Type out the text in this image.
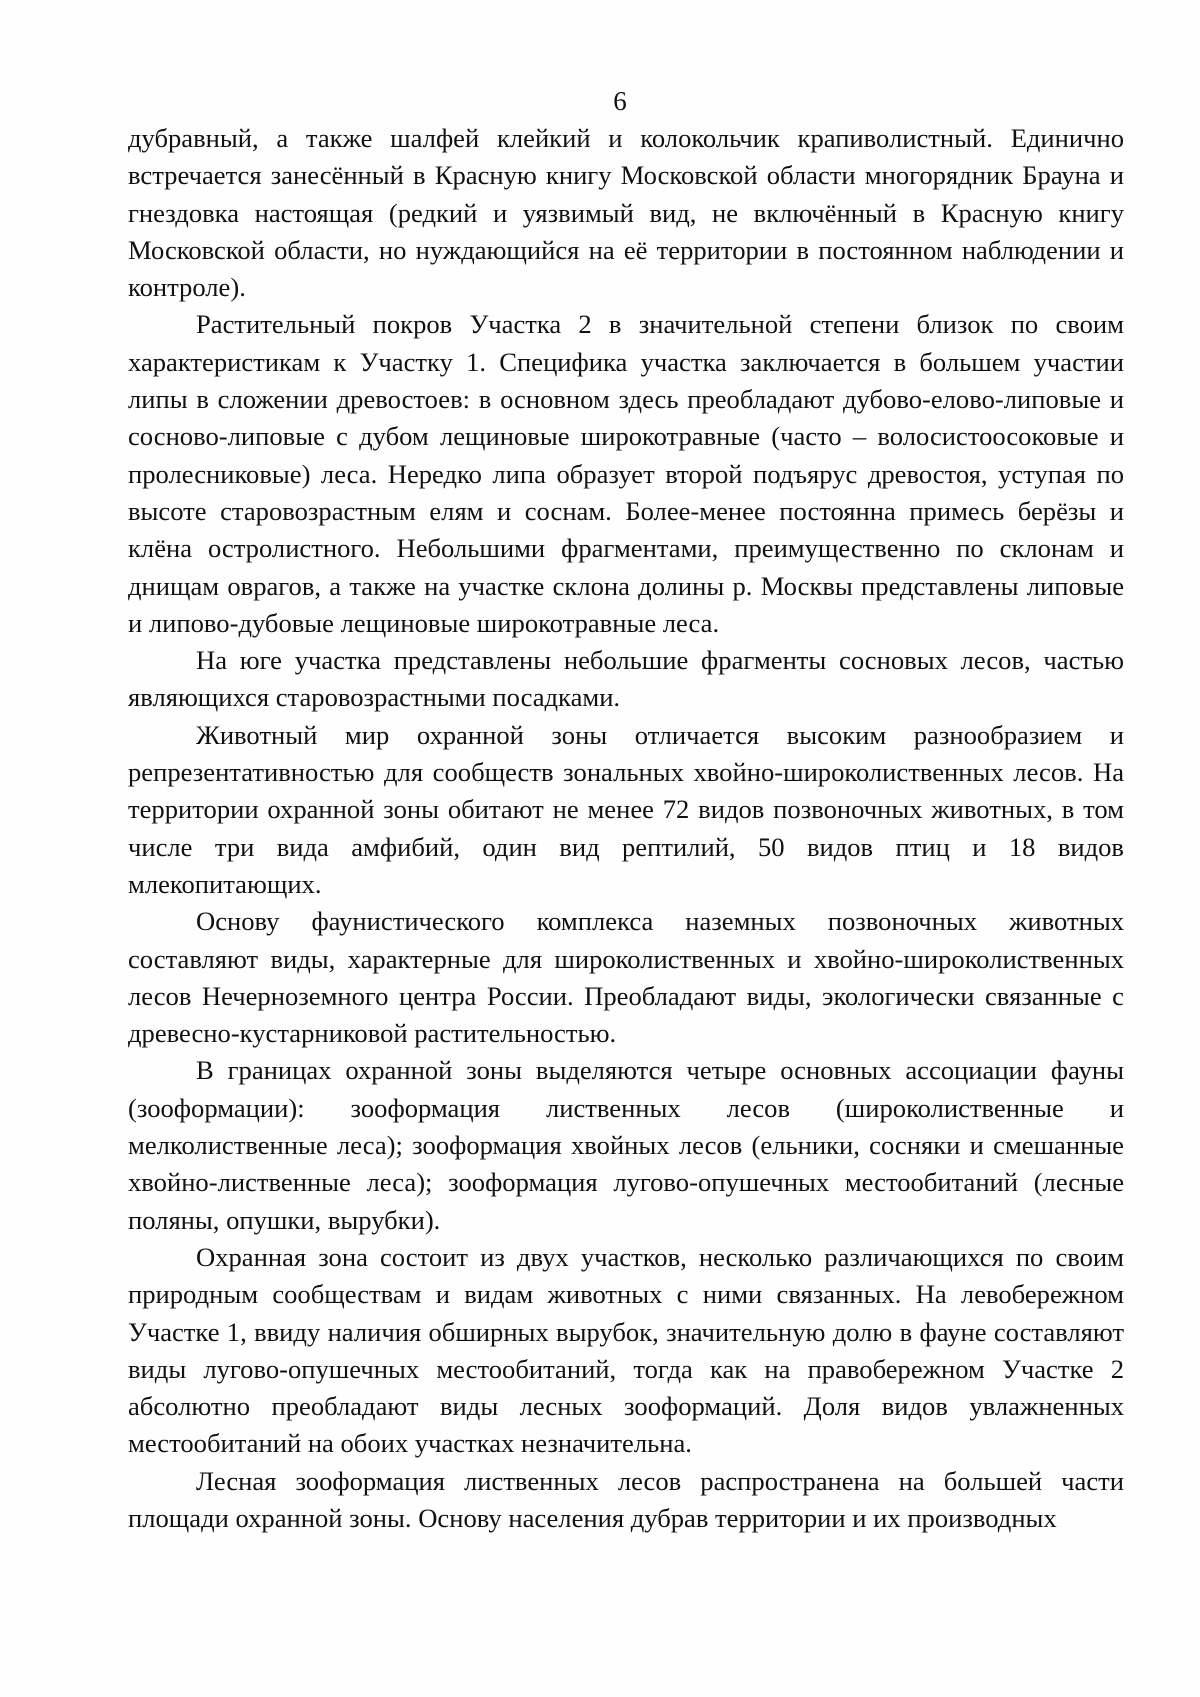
6

дубравный, а также шалфей клейкий и колокольчик крапиволистный. Единично встречается занесённый в Красную книгу Московской области многорядник Брауна и гнездовка настоящая (редкий и уязвимый вид, не включённый в Красную книгу Московской области, но нуждающийся на её территории в постоянном наблюдении и контроле).

Растительный покров Участка 2 в значительной степени близок по своим характеристикам к Участку 1. Специфика участка заключается в большем участии липы в сложении древостоев: в основном здесь преобладают дубово-елово-липовые и сосново-липовые с дубом лещиновые широкотравные (часто – волосистоосоковые и пролесниковые) леса. Нередко липа образует второй подъярус древостоя, уступая по высоте старовозрастным елям и соснам. Более-менее постоянна примесь берёзы и клёна остролистного. Небольшими фрагментами, преимущественно по склонам и днищам оврагов, а также на участке склона долины р. Москвы представлены липовые и липово-дубовые лещиновые широкотравные леса.

На юге участка представлены небольшие фрагменты сосновых лесов, частью являющихся старовозрастными посадками.

Животный мир охранной зоны отличается высоким разнообразием и репрезентативностью для сообществ зональных хвойно-широколиственных лесов. На территории охранной зоны обитают не менее 72 видов позвоночных животных, в том числе три вида амфибий, один вид рептилий, 50 видов птиц и 18 видов млекопитающих.

Основу фаунистического комплекса наземных позвоночных животных составляют виды, характерные для широколиственных и хвойно-широколиственных лесов Нечерноземного центра России. Преобладают виды, экологически связанные с древесно-кустарниковой растительностью.

В границах охранной зоны выделяются четыре основных ассоциации фауны (зооформации): зооформация лиственных лесов (широколиственные и мелколиственные леса); зооформация хвойных лесов (ельники, сосняки и смешанные хвойно-лиственные леса); зооформация лугово-опушечных местообитаний (лесные поляны, опушки, вырубки).

Охранная зона состоит из двух участков, несколько различающихся по своим природным сообществам и видам животных с ними связанных. На левобережном Участке 1, ввиду наличия обширных вырубок, значительную долю в фауне составляют виды лугово-опушечных местообитаний, тогда как на правобережном Участке 2 абсолютно преобладают виды лесных зооформаций. Доля видов увлажненных местообитаний на обоих участках незначительна.

Лесная зооформация лиственных лесов распространена на большей части площади охранной зоны. Основу населения дубрав территории и их производных
